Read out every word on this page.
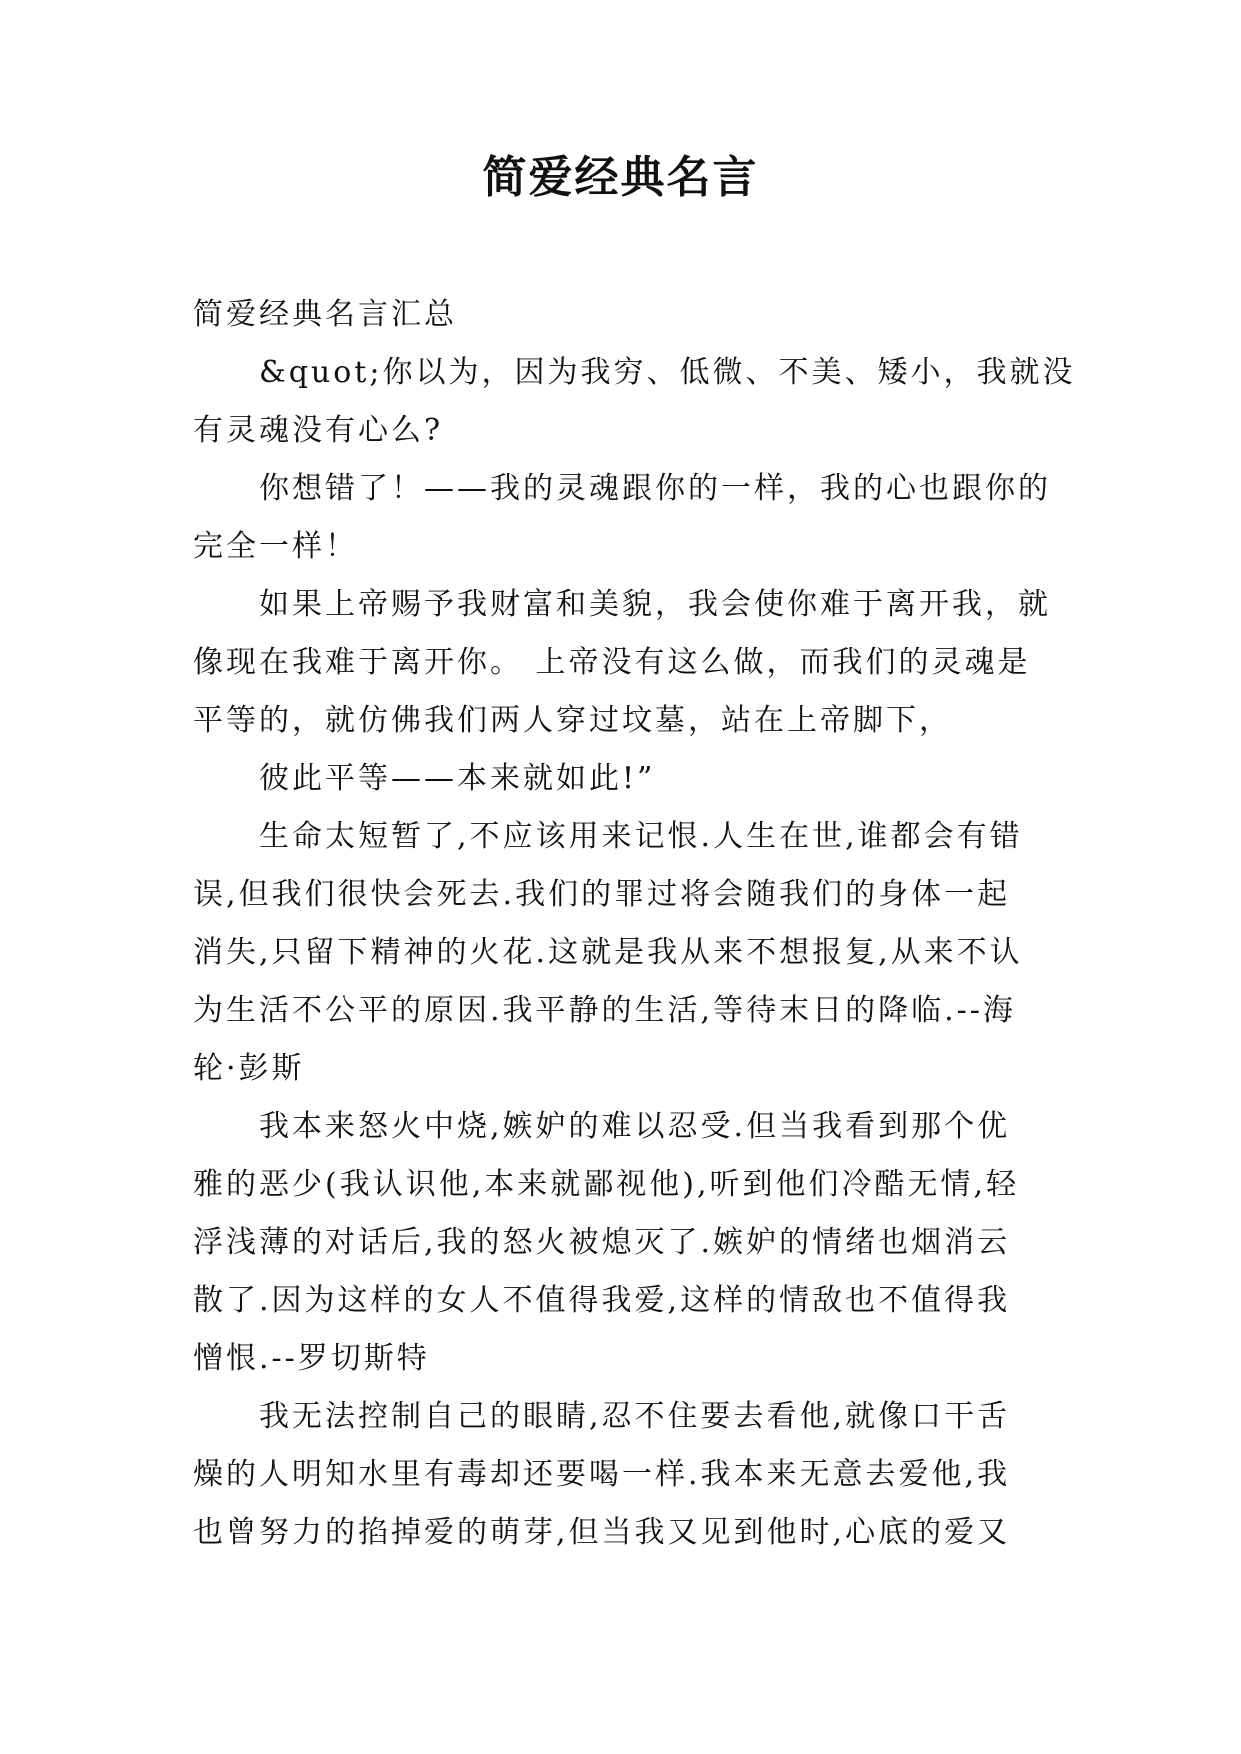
简爱经典名言

简爱经典名言汇总

&quot;你以为，因为我穷、低微、不美、矮小，我就没
有灵魂没有心么?

你想错了！——我的灵魂跟你的一样，我的心也跟你的
完全一样！

如果上帝赐予我财富和美貌，我会使你难于离开我，就
像现在我难于离开你。 上帝没有这么做，而我们的灵魂是
平等的，就仿佛我们两人穿过坟墓，站在上帝脚下，

彼此平等——本来就如此!”

生命太短暂了,不应该用来记恨.人生在世,谁都会有错
误,但我们很快会死去.我们的罪过将会随我们的身体一起
消失,只留下精神的火花.这就是我从来不想报复,从来不认
为生活不公平的原因.我平静的生活,等待末日的降临.--海
轮·彭斯

我本来怒火中烧,嫉妒的难以忍受.但当我看到那个优
雅的恶少(我认识他,本来就鄙视他),听到他们冷酷无情,轻
浮浅薄的对话后,我的怒火被熄灭了.嫉妒的情绪也烟消云
散了.因为这样的女人不值得我爱,这样的情敌也不值得我
憎恨.--罗切斯特

我无法控制自己的眼睛,忍不住要去看他,就像口干舌
燥的人明知水里有毒却还要喝一样.我本来无意去爱他,我
也曾努力的掐掉爱的萌芽,但当我又见到他时,心底的爱又
